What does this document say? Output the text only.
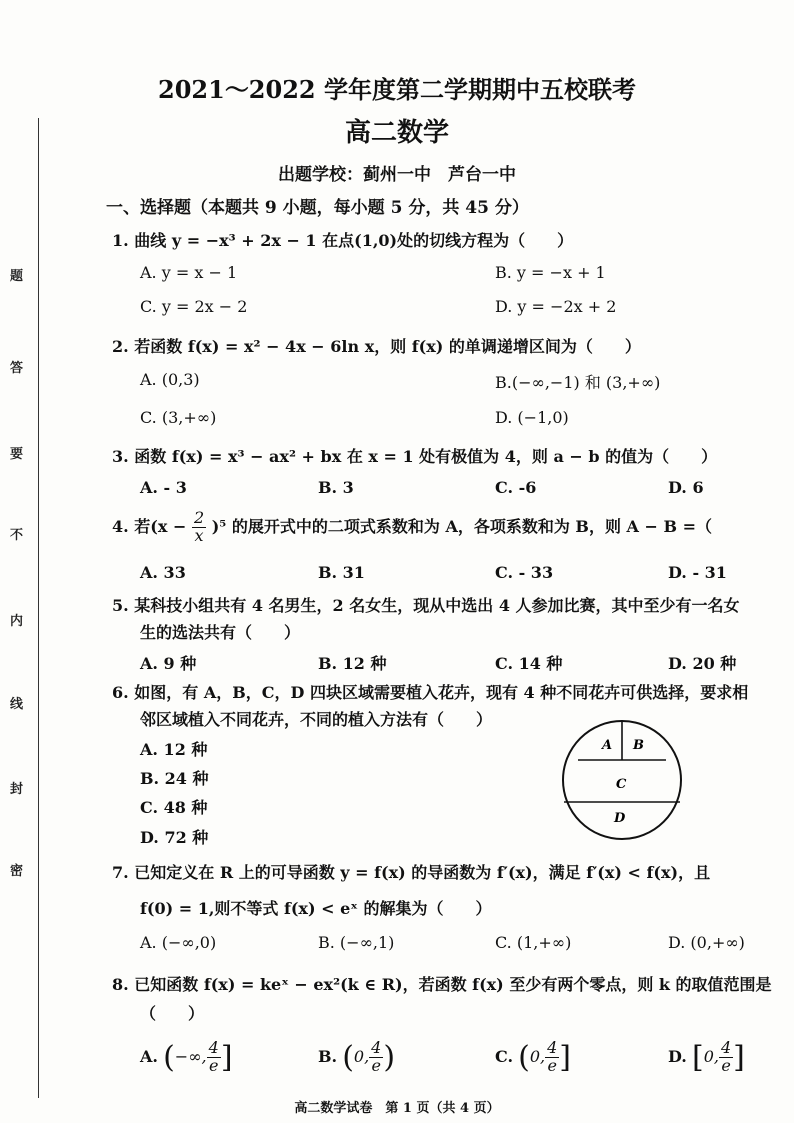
题
答
要
不
内
线
封
密
2021～2022 学年度第二学期期中五校联考
高二数学
出题学校：蓟州一中　芦台一中
一、选择题（本题共 9 小题，每小题 5 分，共 45 分）
1. 曲线 y = −x³ + 2x − 1 在点(1,0)处的切线方程为（　　）
A. y = x − 1	B. y = −x + 1
C. y = 2x − 2	D. y = −2x + 2
2. 若函数 f(x) = x² − 4x − 6ln x，则 f(x) 的单调递增区间为（　　）
A. (0,3)	B.(−∞,−1) 和 (3,+∞)
C. (3,+∞)	D. (−1,0)
3. 函数 f(x) = x³ − ax² + bx 在 x = 1 处有极值为 4，则 a − b 的值为（　　）
A. - 3	B. 3	C. -6	D. 6
4. 若$(x - \frac{2}{x} )^5$ 的展开式中的二项式系数和为 A，各项系数和为 B，则 A − B =（
A. 33	B. 31	C. - 33	D. - 31
5. 某科技小组共有 4 名男生，2 名女生，现从中选出 4 人参加比赛，其中至少有一名女
生的选法共有（　　）
A. 9 种	B. 12 种	C. 14 种	D. 20 种
6. 如图，有 A，B，C，D 四块区域需要植入花卉，现有 4 种不同花卉可供选择，要求相
邻区域植入不同花卉，不同的植入方法有（　　）
A. 12 种
B. 24 种
C. 48 种
D. 72 种
A B
C
D
7. 已知定义在 R 上的可导函数 y = f(x) 的导函数为 f′(x)，满足 f′(x) < f(x)，且
f(0) = 1,则不等式 f(x) < eˣ 的解集为（　　）
A. (−∞,0)	B. (−∞,1)	C. (1,+∞)	D. (0,+∞)
8. 已知函数 f(x) = keˣ − ex²(k ∈ R)，若函数 f(x) 至少有两个零点，则 k 的取值范围是
（　　）
A. (−∞, $\frac{4}{e}$ ]	B. (0, $\frac{4}{e}$ )	C. (0, $\frac{4}{e}$ ]	D. [0, $\frac{4}{e}$ ]
高二数学试卷　第 1 页（共 4 页）
